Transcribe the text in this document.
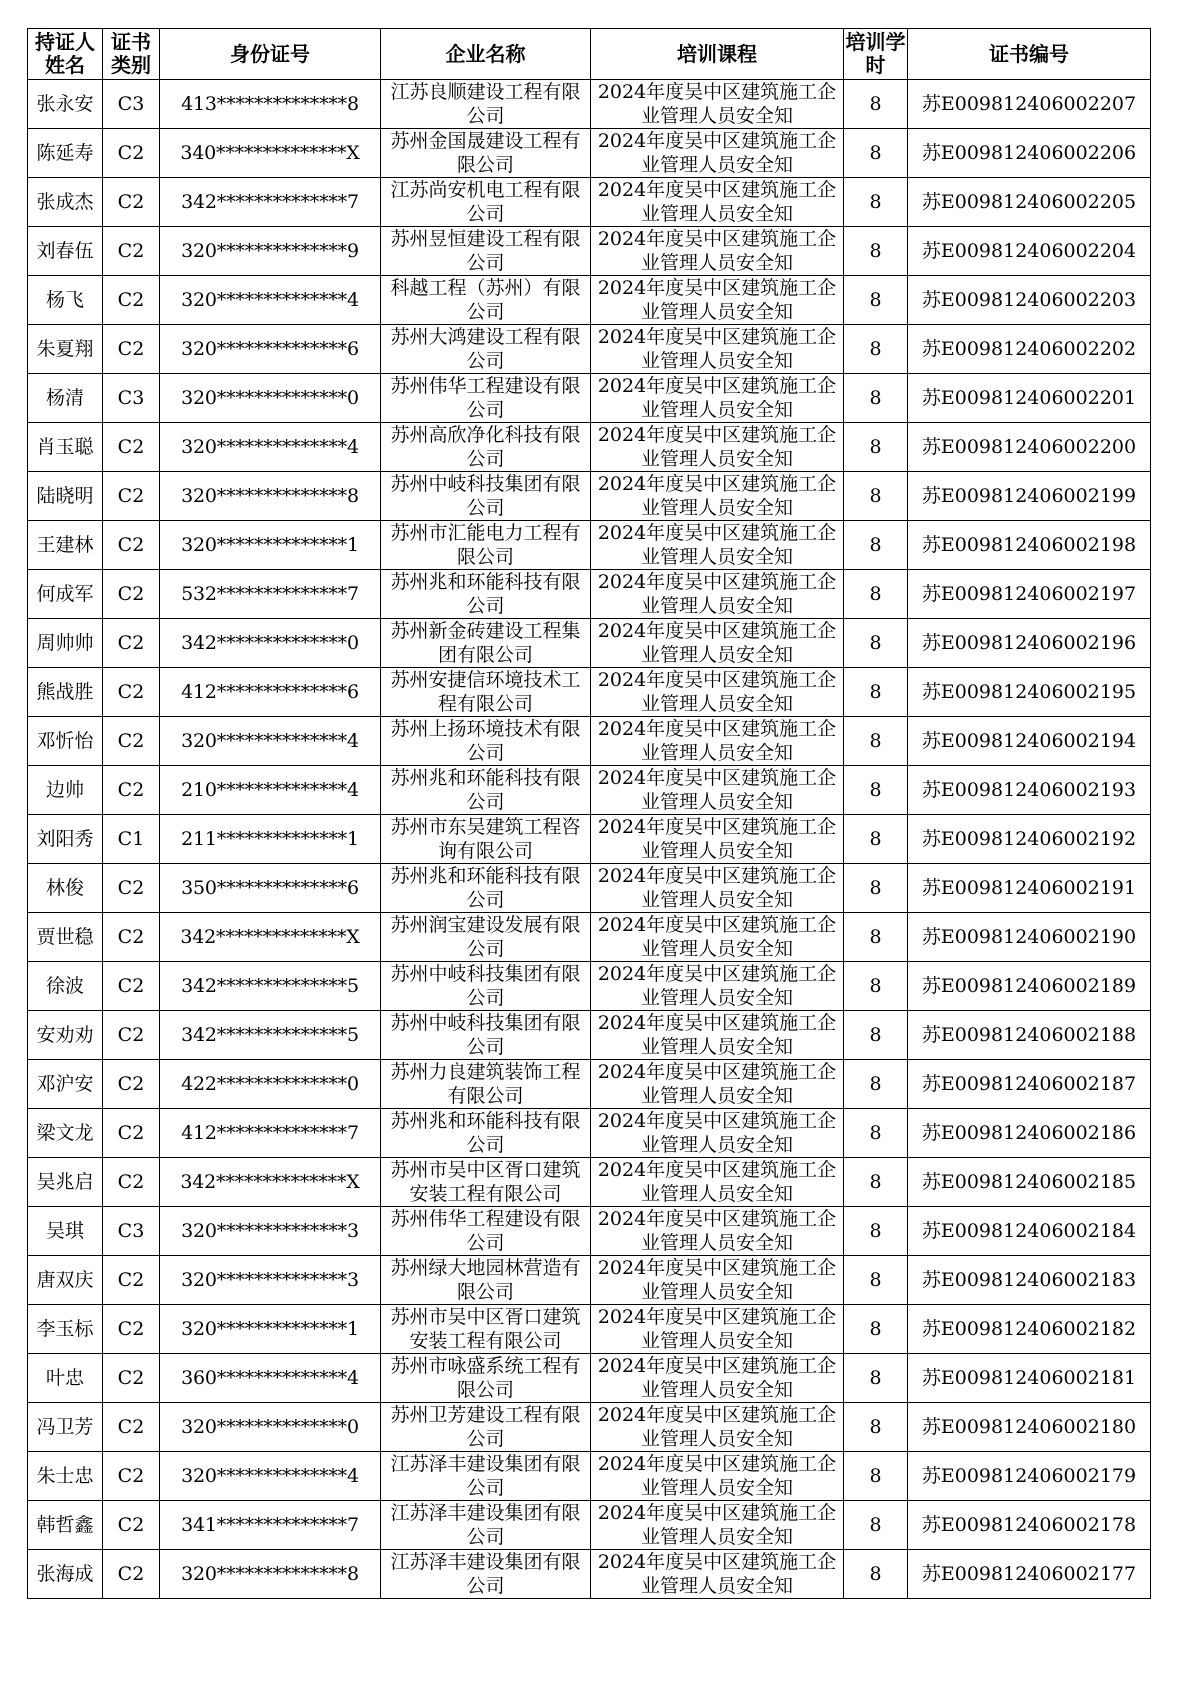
持证人姓名	证书类别	身份证号	企业名称	培训课程	培训学时	证书编号

张永安	C3	413**************8	江苏良顺建设工程有限公司	2024年度吴中区建筑施工企业管理人员安全知	8	苏E009812406002207

陈延寿	C2	340**************X	苏州金国晟建设工程有限公司	2024年度吴中区建筑施工企业管理人员安全知	8	苏E009812406002206

张成杰	C2	342**************7	江苏尚安机电工程有限公司	2024年度吴中区建筑施工企业管理人员安全知	8	苏E009812406002205

刘春伍	C2	320**************9	苏州昱恒建设工程有限公司	2024年度吴中区建筑施工企业管理人员安全知	8	苏E009812406002204

杨飞	C2	320**************4	科越工程（苏州）有限公司	2024年度吴中区建筑施工企业管理人员安全知	8	苏E009812406002203

朱夏翔	C2	320**************6	苏州大鸿建设工程有限公司	2024年度吴中区建筑施工企业管理人员安全知	8	苏E009812406002202

杨清	C3	320**************0	苏州伟华工程建设有限公司	2024年度吴中区建筑施工企业管理人员安全知	8	苏E009812406002201

肖玉聪	C2	320**************4	苏州高欣净化科技有限公司	2024年度吴中区建筑施工企业管理人员安全知	8	苏E009812406002200

陆晓明	C2	320**************8	苏州中岐科技集团有限公司	2024年度吴中区建筑施工企业管理人员安全知	8	苏E009812406002199

王建林	C2	320**************1	苏州市汇能电力工程有限公司	2024年度吴中区建筑施工企业管理人员安全知	8	苏E009812406002198

何成军	C2	532**************7	苏州兆和环能科技有限公司	2024年度吴中区建筑施工企业管理人员安全知	8	苏E009812406002197

周帅帅	C2	342**************0	苏州新金砖建设工程集团有限公司	2024年度吴中区建筑施工企业管理人员安全知	8	苏E009812406002196

熊战胜	C2	412**************6	苏州安捷信环境技术工程有限公司	2024年度吴中区建筑施工企业管理人员安全知	8	苏E009812406002195

邓忻怡	C2	320**************4	苏州上扬环境技术有限公司	2024年度吴中区建筑施工企业管理人员安全知	8	苏E009812406002194

边帅	C2	210**************4	苏州兆和环能科技有限公司	2024年度吴中区建筑施工企业管理人员安全知	8	苏E009812406002193

刘阳秀	C1	211**************1	苏州市东吴建筑工程咨询有限公司	2024年度吴中区建筑施工企业管理人员安全知	8	苏E009812406002192

林俊	C2	350**************6	苏州兆和环能科技有限公司	2024年度吴中区建筑施工企业管理人员安全知	8	苏E009812406002191

贾世稳	C2	342**************X	苏州润宝建设发展有限公司	2024年度吴中区建筑施工企业管理人员安全知	8	苏E009812406002190

徐波	C2	342**************5	苏州中岐科技集团有限公司	2024年度吴中区建筑施工企业管理人员安全知	8	苏E009812406002189

安劝劝	C2	342**************5	苏州中岐科技集团有限公司	2024年度吴中区建筑施工企业管理人员安全知	8	苏E009812406002188

邓沪安	C2	422**************0	苏州力良建筑装饰工程有限公司	2024年度吴中区建筑施工企业管理人员安全知	8	苏E009812406002187

梁文龙	C2	412**************7	苏州兆和环能科技有限公司	2024年度吴中区建筑施工企业管理人员安全知	8	苏E009812406002186

吴兆启	C2	342**************X	苏州市吴中区胥口建筑安装工程有限公司	2024年度吴中区建筑施工企业管理人员安全知	8	苏E009812406002185

吴琪	C3	320**************3	苏州伟华工程建设有限公司	2024年度吴中区建筑施工企业管理人员安全知	8	苏E009812406002184

唐双庆	C2	320**************3	苏州绿大地园林营造有限公司	2024年度吴中区建筑施工企业管理人员安全知	8	苏E009812406002183

李玉标	C2	320**************1	苏州市吴中区胥口建筑安装工程有限公司	2024年度吴中区建筑施工企业管理人员安全知	8	苏E009812406002182

叶忠	C2	360**************4	苏州市咏盛系统工程有限公司	2024年度吴中区建筑施工企业管理人员安全知	8	苏E009812406002181

冯卫芳	C2	320**************0	苏州卫芳建设工程有限公司	2024年度吴中区建筑施工企业管理人员安全知	8	苏E009812406002180

朱士忠	C2	320**************4	江苏泽丰建设集团有限公司	2024年度吴中区建筑施工企业管理人员安全知	8	苏E009812406002179

韩哲鑫	C2	341**************7	江苏泽丰建设集团有限公司	2024年度吴中区建筑施工企业管理人员安全知	8	苏E009812406002178

张海成	C2	320**************8	江苏泽丰建设集团有限公司	2024年度吴中区建筑施工企业管理人员安全知	8	苏E009812406002177
